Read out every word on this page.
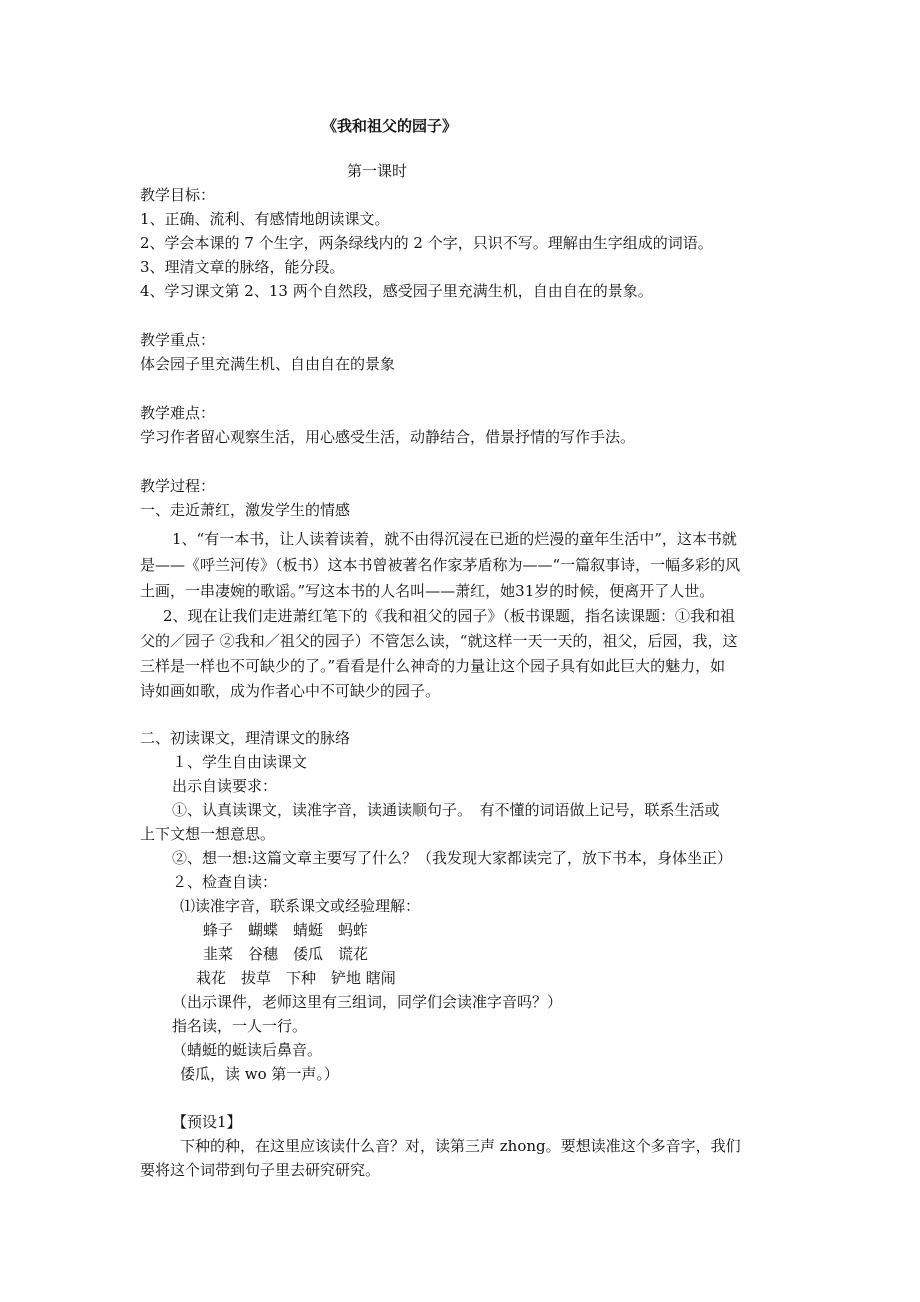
《我和祖父的园子》
第一课时
教学目标：
1、正确、流利、有感情地朗读课文。
2、学会本课的 7 个生字，两条绿线内的 2 个字，只识不写。理解由生字组成的词语。
3、理清文章的脉络，能分段。
4、学习课文第 2、13 两个自然段，感受园子里充满生机，自由自在的景象。
教学重点：
体会园子里充满生机、自由自在的景象
教学难点：
学习作者留心观察生活，用心感受生活，动静结合，借景抒情的写作手法。
教学过程：
一、走近萧红，激发学生的情感
1、“有一本书，让人读着读着，就不由得沉浸在已逝的烂漫的童年生活中”，这本书就
是——《呼兰河传》（板书）这本书曾被著名作家茅盾称为——“一篇叙事诗，一幅多彩的风
土画，一串凄婉的歌谣。”写这本书的人名叫——萧红，她31岁的时候，便离开了人世。
2、现在让我们走进萧红笔下的《我和祖父的园子》（板书课题，指名读课题：①我和祖
父的／园子 ②我和／祖父的园子）不管怎么读，“就这样一天一天的，祖父，后园，我，这
三样是一样也不可缺少的了。”看看是什么神奇的力量让这个园子具有如此巨大的魅力，如
诗如画如歌，成为作者心中不可缺少的园子。
二、初读课文，理清课文的脉络
１、学生自由读课文
出示自读要求：
①、认真读课文，读准字音，读通读顺句子。　有不懂的词语做上记号，联系生活或
上下文想一想意思。
②、想一想:这篇文章主要写了什么？（我发现大家都读完了，放下书本，身体坐正）
２、检查自读：
⑴读准字音，联系课文或经验理解：
蜂子　蝴蝶　蜻蜓　蚂蚱
韭菜　谷穗　倭瓜　谎花
栽花　拔草　下种　铲地 瞎闹
（出示课件，老师这里有三组词，同学们会读准字音吗？）
指名读，一人一行。
（蜻蜓的蜓读后鼻音。
倭瓜，读 wo 第一声。）
【预设1】
下种的种，在这里应该读什么音？对，读第三声 zhong。要想读准这个多音字，我们
要将这个词带到句子里去研究研究。
